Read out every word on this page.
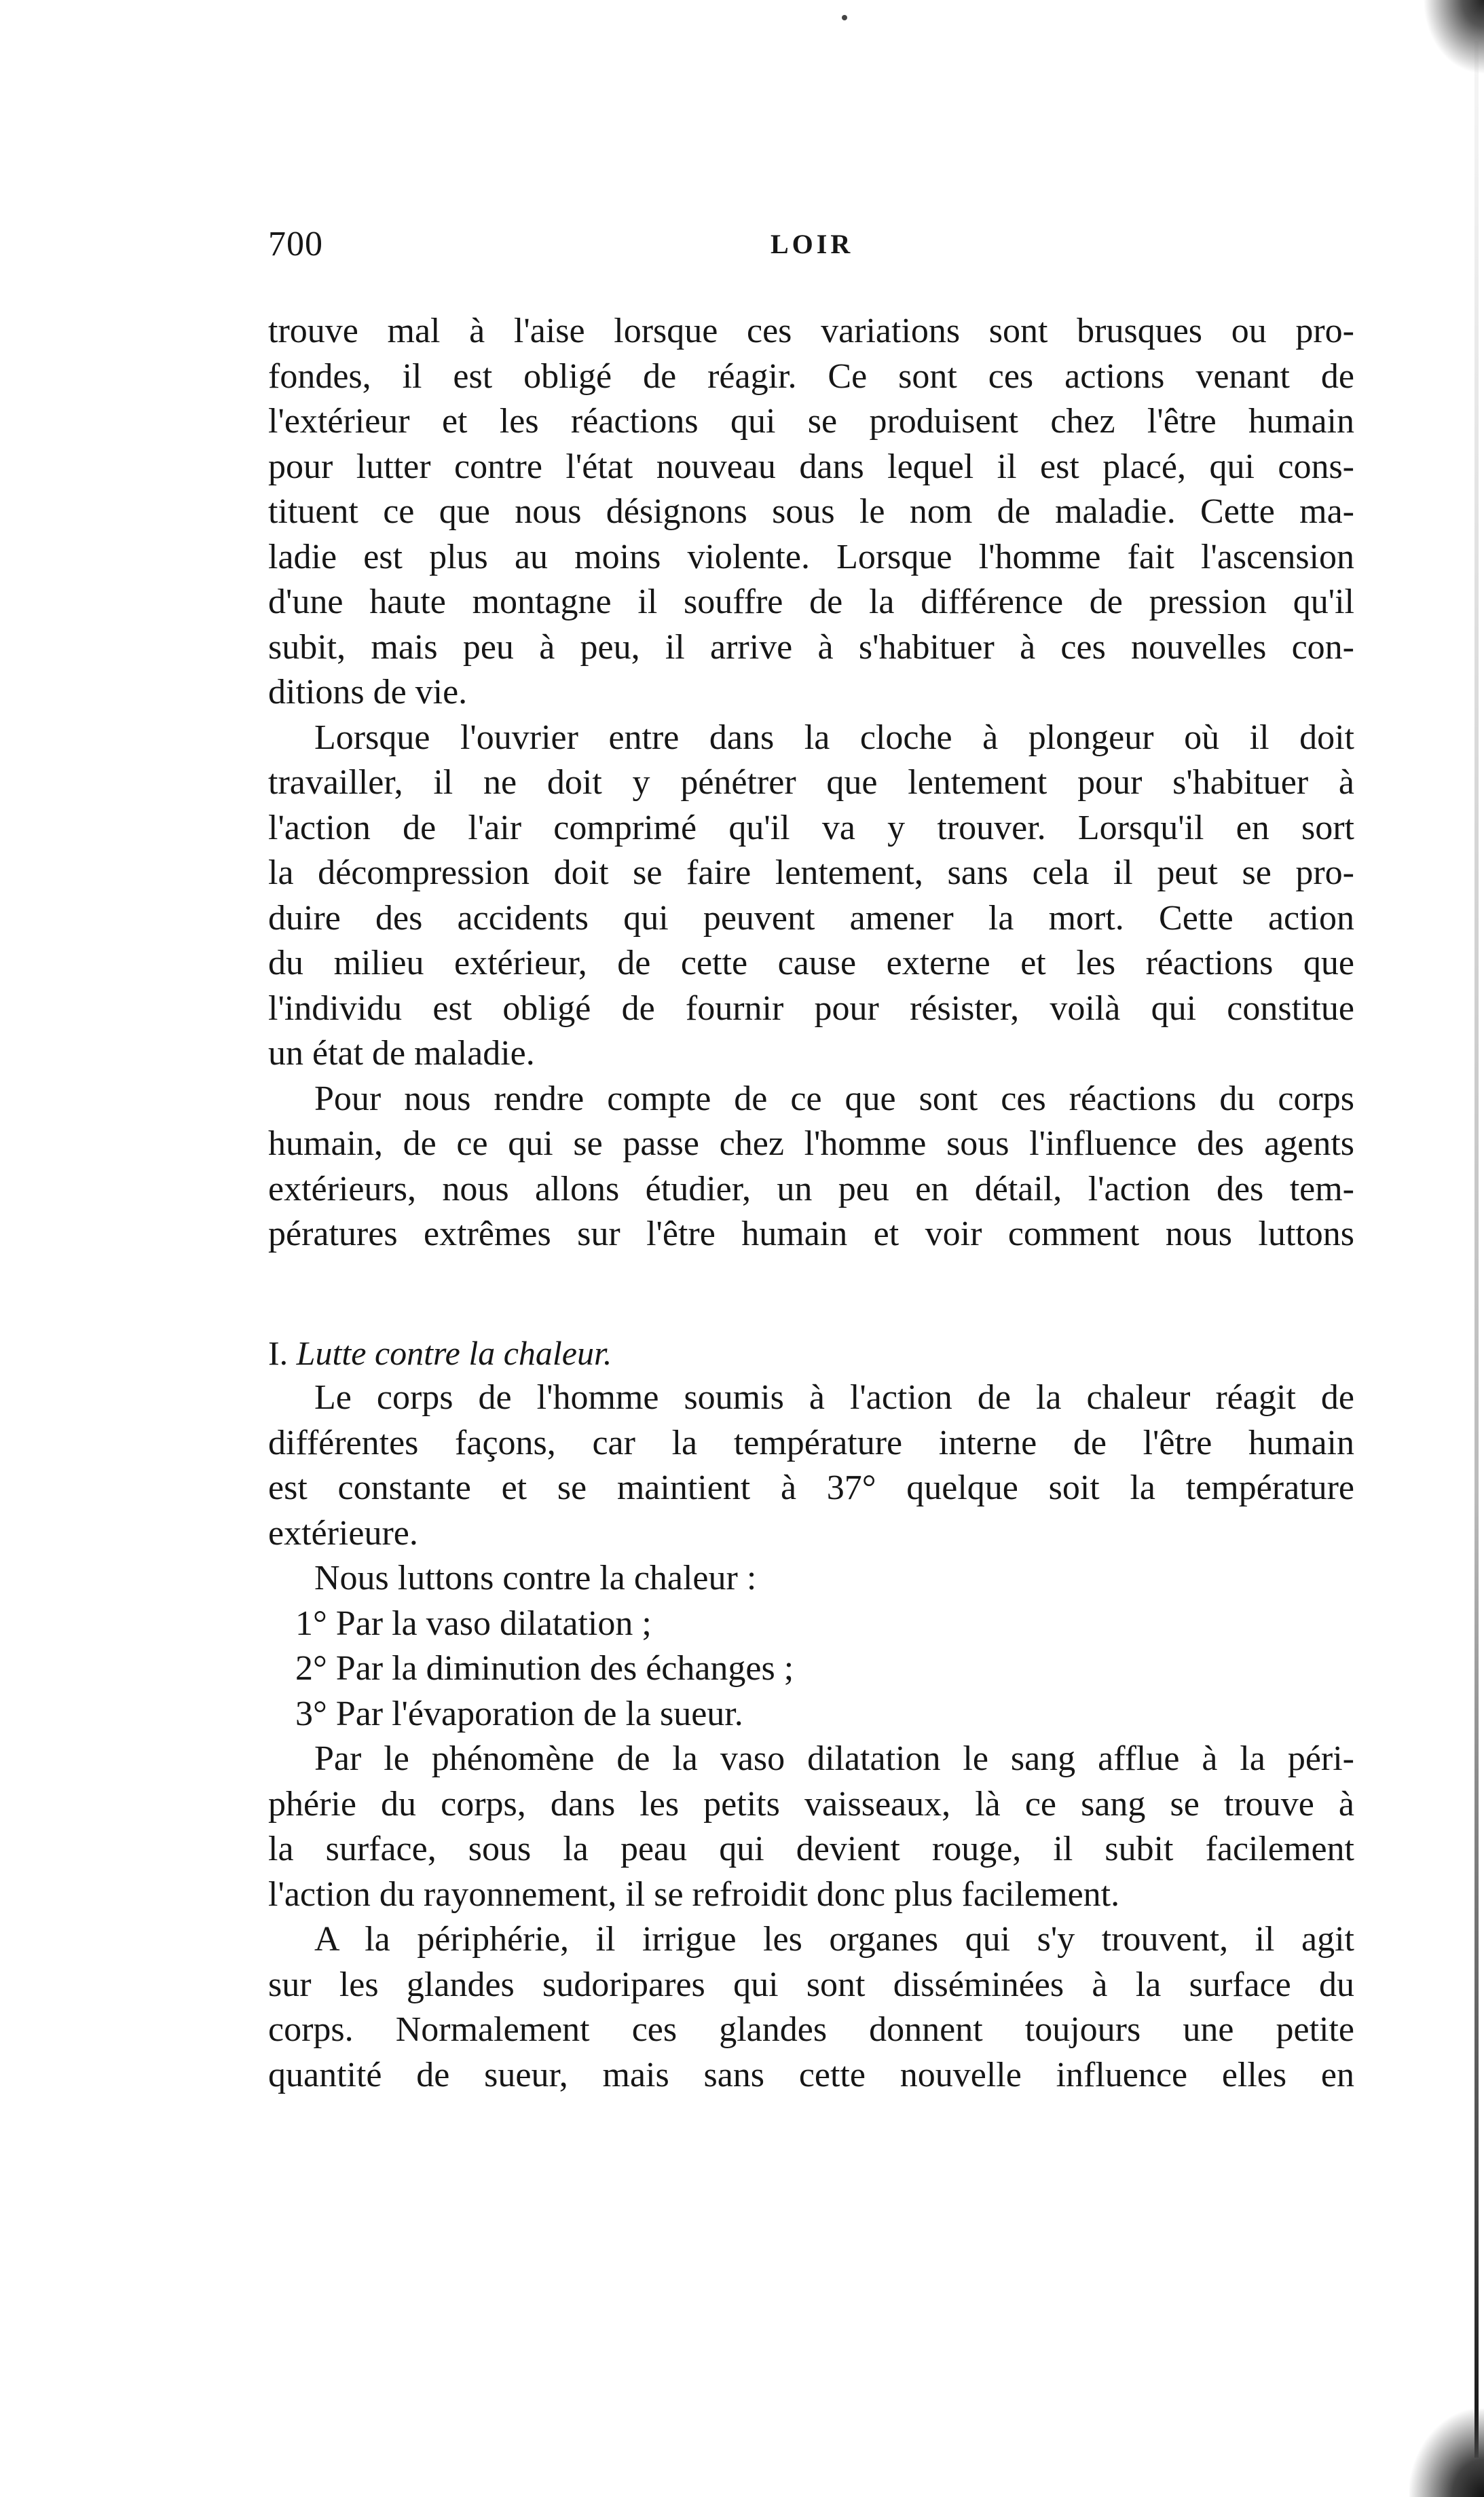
700	LOIR
trouve mal à l'aise lorsque ces variations sont brusques ou pro-
fondes, il est obligé de réagir. Ce sont ces actions venant de
l'extérieur et les réactions qui se produisent chez l'être humain
pour lutter contre l'état nouveau dans lequel il est placé, qui cons-
tituent ce que nous désignons sous le nom de maladie. Cette ma-
ladie est plus au moins violente. Lorsque l'homme fait l'ascension
d'une haute montagne il souffre de la différence de pression qu'il
subit, mais peu à peu, il arrive à s'habituer à ces nouvelles con-
ditions de vie.
Lorsque l'ouvrier entre dans la cloche à plongeur où il doit
travailler, il ne doit y pénétrer que lentement pour s'habituer à
l'action de l'air comprimé qu'il va y trouver. Lorsqu'il en sort
la décompression doit se faire lentement, sans cela il peut se pro-
duire des accidents qui peuvent amener la mort. Cette action
du milieu extérieur, de cette cause externe et les réactions que
l'individu est obligé de fournir pour résister, voilà qui constitue
un état de maladie.
Pour nous rendre compte de ce que sont ces réactions du corps
humain, de ce qui se passe chez l'homme sous l'influence des agents
extérieurs, nous allons étudier, un peu en détail, l'action des tem-
pératures extrêmes sur l'être humain et voir comment nous luttons
I. Lutte contre la chaleur.
Le corps de l'homme soumis à l'action de la chaleur réagit de
différentes façons, car la température interne de l'être humain
est constante et se maintient à 37° quelque soit la température
extérieure.
Nous luttons contre la chaleur :
1° Par la vaso dilatation ;
2° Par la diminution des échanges ;
3° Par l'évaporation de la sueur.
Par le phénomène de la vaso dilatation le sang afflue à la péri-
phérie du corps, dans les petits vaisseaux, là ce sang se trouve à
la surface, sous la peau qui devient rouge, il subit facilement
l'action du rayonnement, il se refroidit donc plus facilement.
A la périphérie, il irrigue les organes qui s'y trouvent, il agit
sur les glandes sudoripares qui sont disséminées à la surface du
corps. Normalement ces glandes donnent toujours une petite
quantité de sueur, mais sans cette nouvelle influence elles en
